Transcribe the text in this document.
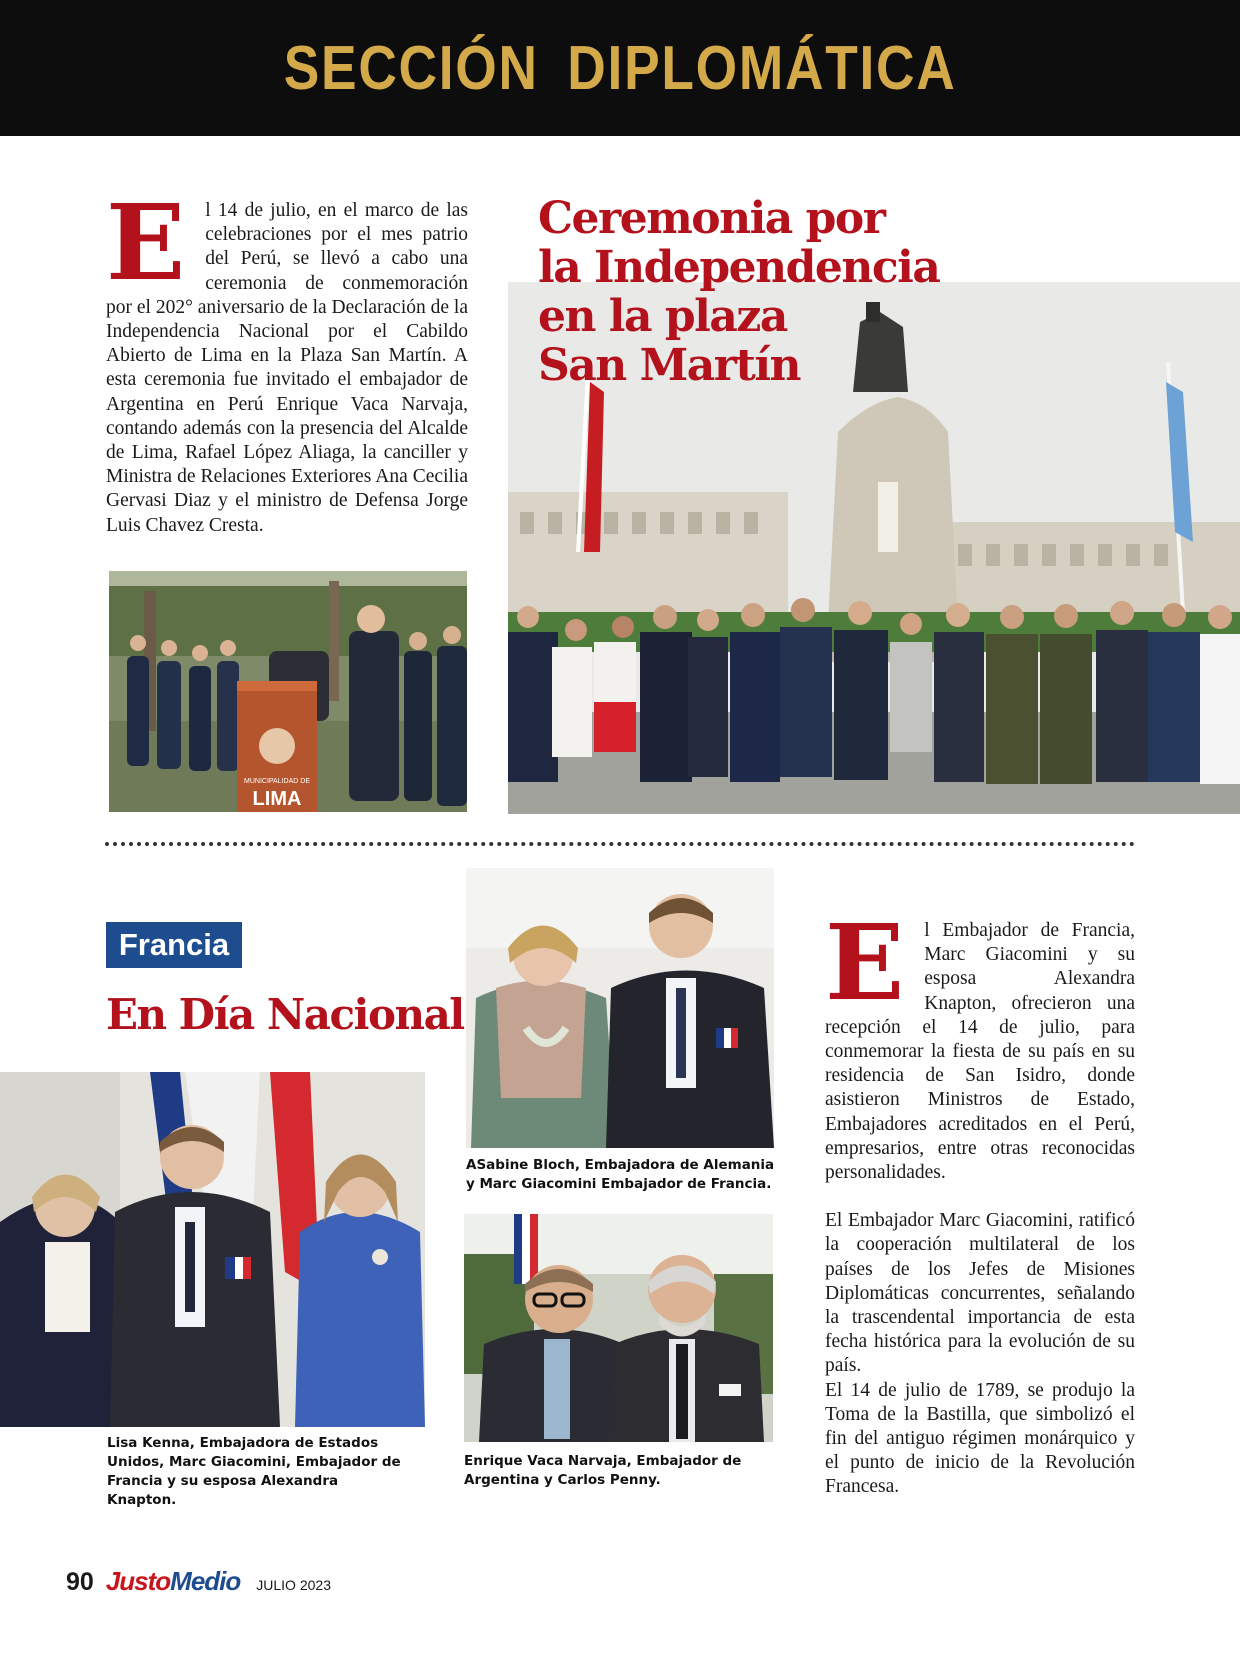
SECCIÓN DIPLOMÁTICA
E l 14 de julio, en el marco de las celebraciones por el mes patrio del Perú, se llevó a cabo una ceremonia de conmemoración por el 202° aniversario de la Declaración de la Independencia Nacional por el Cabildo Abierto de Lima en la Plaza San Martín. A esta ceremonia fue invitado el embajador de Argentina en Perú Enrique Vaca Narvaja, contando además con la presencia del Alcalde de Lima, Rafael López Aliaga, la canciller y Ministra de Relaciones Exteriores Ana Cecilia Gervasi Diaz y el ministro de Defensa Jorge Luis Chavez Cresta.
Ceremonia por
la Independencia
en la plaza
San Martín
MUNICIPALIDAD DE
LIMA
Francia
En Día Nacional

Lisa Kenna, Embajadora de Estados Unidos, Marc Giacomini, Embajador de Francia y su esposa Alexandra Knapton.

ASabine Bloch, Embajadora de Alemania y Marc Giacomini Embajador de Francia.

Enrique Vaca Narvaja, Embajador de Argentina y Carlos Penny.

E l Embajador de Francia, Marc Giacomini y su esposa Alexandra Knapton, ofrecieron una recepción el 14 de julio, para conmemorar la fiesta de su país en su residencia de San Isidro, donde asistieron Ministros de Estado, Embajadores acreditados en el Perú, empresarios, entre otras reconocidas personalidades.

El Embajador Marc Giacomini, ratificó la cooperación multilateral de los países de los Jefes de Misiones Diplomáticas concurrentes, señalando la trascendental importancia de esta fecha histórica para la evolución de su país.
El 14 de julio de 1789, se produjo la Toma de la Bastilla, que simbolizó el fin del antiguo régimen monárquico y el punto de inicio de la Revolución Francesa.

90 JustoMedio JULIO 2023
